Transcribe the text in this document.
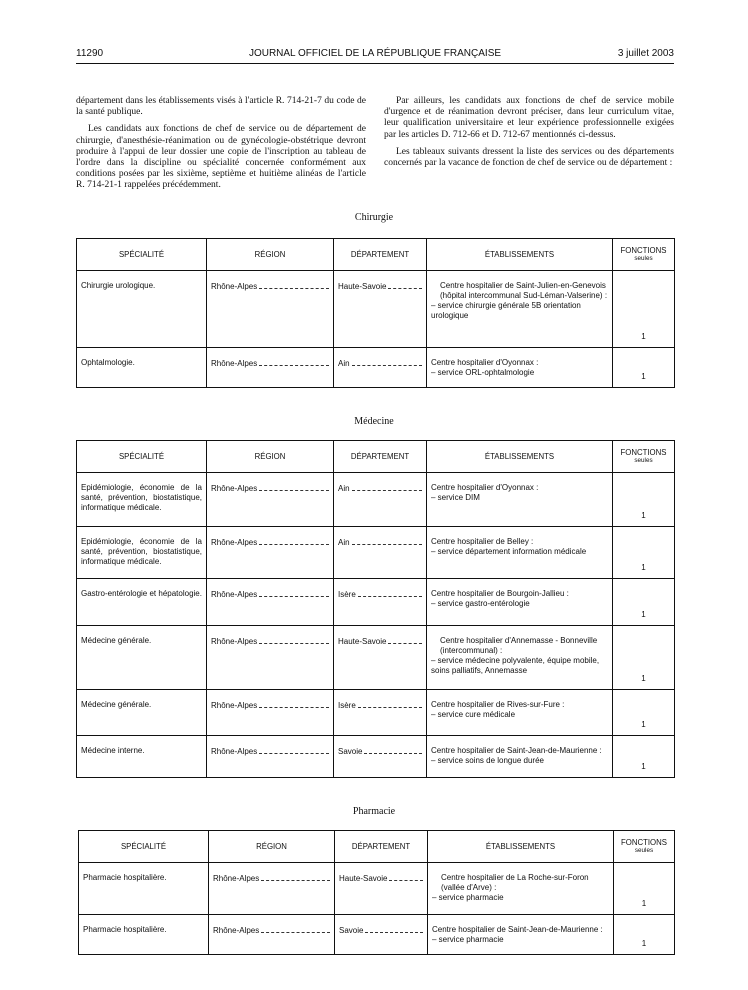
11290	JOURNAL OFFICIEL DE LA RÉPUBLIQUE FRANÇAISE	3 juillet 2003

département dans les établissements visés à l'article R. 714-21-7 du code de la santé publique.

Les candidats aux fonctions de chef de service ou de département de chirurgie, d'anesthésie-réanimation ou de gynécologie-obstétrique devront produire à l'appui de leur dossier une copie de l'inscription au tableau de l'ordre dans la discipline ou spécialité concernée conformément aux conditions posées par les sixième, septième et huitième alinéas de l'article R. 714-21-1 rappelées précédemment.

Par ailleurs, les candidats aux fonctions de chef de service mobile d'urgence et de réanimation devront préciser, dans leur curriculum vitae, leur qualification universitaire et leur expérience professionnelle exigées par les articles D. 712-66 et D. 712-67 mentionnés ci-dessus.

Les tableaux suivants dressent la liste des services ou des départements concernés par la vacance de fonction de chef de service ou de département :

Chirurgie
SPÉCIALITÉ	RÉGION	DÉPARTEMENT	ÉTABLISSEMENTS	FONCTIONS
seules

Chirurgie urologique.	Rhône-Alpes	Haute-Savoie	Centre hospitalier de Saint-Julien-en-Genevois (hôpital intercommunal Sud-Léman-Valserine) :
– service chirurgie générale 5B orientation urologique	1
Ophtalmologie.	Rhône-Alpes	Ain	Centre hospitalier d'Oyonnax :
– service ORL-ophtalmologie	1
Médecine
SPÉCIALITÉ	RÉGION	DÉPARTEMENT	ÉTABLISSEMENTS	FONCTIONS
seules

Epidémiologie, économie de la santé, prévention, biostatistique, informatique médicale.	Rhône-Alpes	Ain	Centre hospitalier d'Oyonnax :
– service DIM	1
Epidémiologie, économie de la santé, prévention, biostatistique, informatique médicale.	Rhône-Alpes	Ain	Centre hospitalier de Belley :
– service département information médicale	1
Gastro-entérologie et hépatologie.	Rhône-Alpes	Isère	Centre hospitalier de Bourgoin-Jallieu :
– service gastro-entérologie	1
Médecine générale.	Rhône-Alpes	Haute-Savoie	Centre hospitalier d'Annemasse - Bonneville (intercommunal) :
– service médecine polyvalente, équipe mobile, soins palliatifs, Annemasse	1
Médecine générale.	Rhône-Alpes	Isère	Centre hospitalier de Rives-sur-Fure :
– service cure médicale	1
Médecine interne.	Rhône-Alpes	Savoie	Centre hospitalier de Saint-Jean-de-Maurienne :
– service soins de longue durée	1
Pharmacie
SPÉCIALITÉ	RÉGION	DÉPARTEMENT	ÉTABLISSEMENTS	FONCTIONS
seules

Pharmacie hospitalière.	Rhône-Alpes	Haute-Savoie	Centre hospitalier de La Roche-sur-Foron (vallée d'Arve) :
– service pharmacie	1
Pharmacie hospitalière.	Rhône-Alpes	Savoie	Centre hospitalier de Saint-Jean-de-Maurienne :
– service pharmacie	1
